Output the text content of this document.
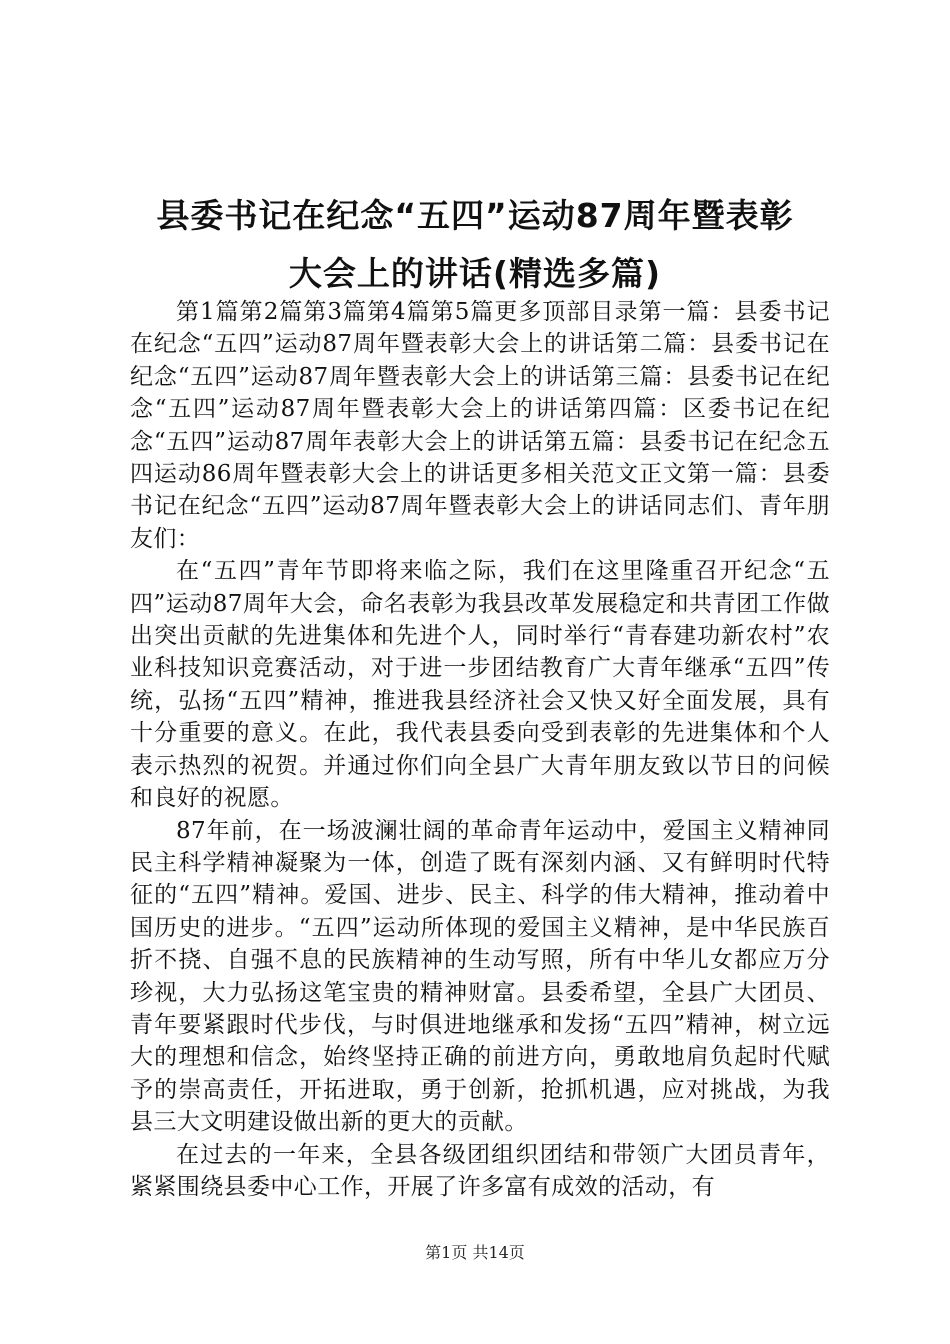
县委书记在纪念“五四”运动87周年暨表彰
大会上的讲话(精选多篇)

第1篇第2篇第3篇第4篇第5篇更多顶部目录第一篇：县委书记在纪念“五四”运动87周年暨表彰大会上的讲话第二篇：县委书记在纪念“五四”运动87周年暨表彰大会上的讲话第三篇：县委书记在纪念“五四”运动87周年暨表彰大会上的讲话第四篇：区委书记在纪念“五四”运动87周年表彰大会上的讲话第五篇：县委书记在纪念五四运动86周年暨表彰大会上的讲话更多相关范文正文第一篇：县委书记在纪念“五四”运动87周年暨表彰大会上的讲话同志们、青年朋友们：

在“五四”青年节即将来临之际，我们在这里隆重召开纪念“五四”运动87周年大会，命名表彰为我县改革发展稳定和共青团工作做出突出贡献的先进集体和先进个人，同时举行“青春建功新农村”农业科技知识竞赛活动，对于进一步团结教育广大青年继承“五四”传统，弘扬“五四”精神，推进我县经济社会又快又好全面发展，具有十分重要的意义。在此，我代表县委向受到表彰的先进集体和个人表示热烈的祝贺。并通过你们向全县广大青年朋友致以节日的问候和良好的祝愿。

87年前，在一场波澜壮阔的革命青年运动中，爱国主义精神同民主科学精神凝聚为一体，创造了既有深刻内涵、又有鲜明时代特征的“五四”精神。爱国、进步、民主、科学的伟大精神，推动着中国历史的进步。“五四”运动所体现的爱国主义精神，是中华民族百折不挠、自强不息的民族精神的生动写照，所有中华儿女都应万分珍视，大力弘扬这笔宝贵的精神财富。县委希望，全县广大团员、青年要紧跟时代步伐，与时俱进地继承和发扬“五四”精神，树立远大的理想和信念，始终坚持正确的前进方向，勇敢地肩负起时代赋予的崇高责任，开拓进取，勇于创新，抢抓机遇，应对挑战，为我县三大文明建设做出新的更大的贡献。

在过去的一年来，全县各级团组织团结和带领广大团员青年，紧紧围绕县委中心工作，开展了许多富有成效的活动，有

第1页 共14页
